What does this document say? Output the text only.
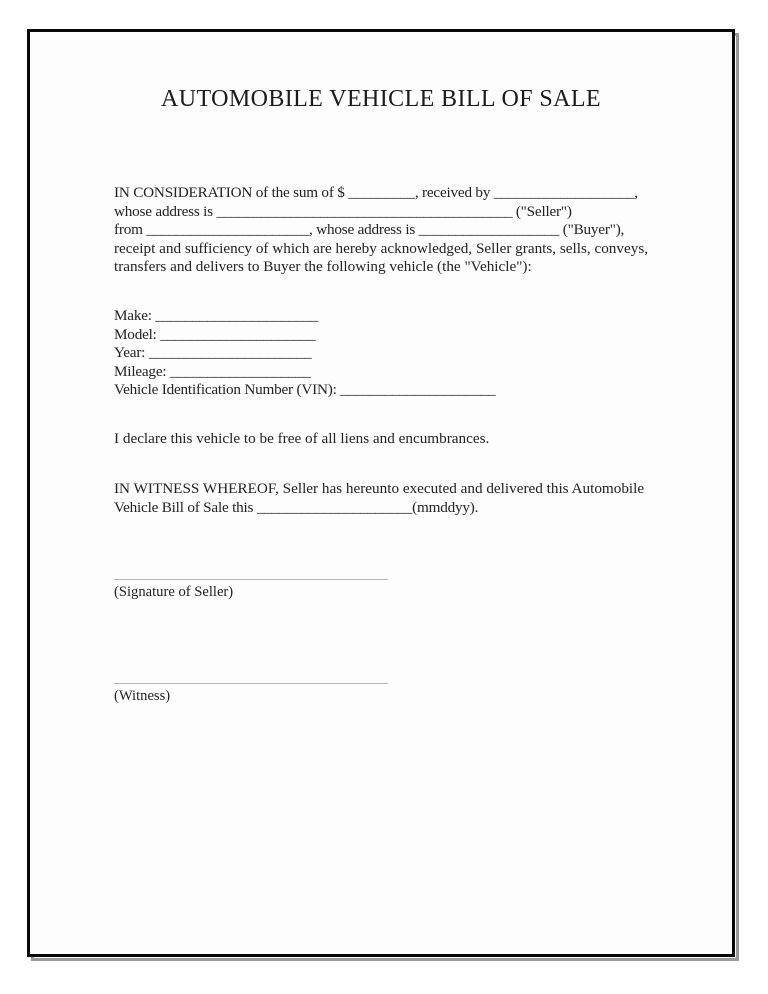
AUTOMOBILE VEHICLE BILL OF SALE

IN CONSIDERATION of the sum of $ _________, received by ___________________,

whose address is ________________________________________ ("Seller")

from ______________________, whose address is ___________________ ("Buyer"),

receipt and sufficiency of which are hereby acknowledged, Seller grants, sells, conveys,

transfers and delivers to Buyer the following vehicle (the "Vehicle"):

Make: ______________________

Model: _____________________

Year: ______________________

Mileage: ___________________

Vehicle Identification Number (VIN): _____________________

I declare this vehicle to be free of all liens and encumbrances.

IN WITNESS WHEREOF, Seller has hereunto executed and delivered this Automobile

Vehicle Bill of Sale this _____________________(mmddyy).

(Signature of Seller)
(Witness)
